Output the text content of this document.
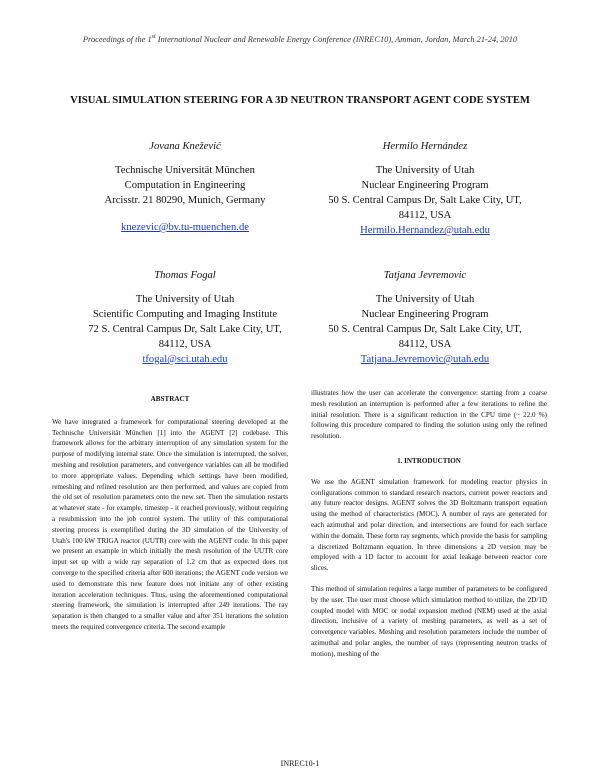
Proceedings of the 1st International Nuclear and Renewable Energy Conference (INREC10), Amman, Jordan, March 21-24, 2010
VISUAL SIMULATION STEERING FOR A 3D NEUTRON TRANSPORT AGENT CODE SYSTEM
Jovana Knežević
Technische Universität München
Computation in Engineering
Arcisstr. 21 80290, Munich, Germany
knezevic@bv.tu-muenchen.de
Hermilo Hernández
The University of Utah
Nuclear Engineering Program
50 S. Central Campus Dr, Salt Lake City, UT,
84112, USA
Hermilo.Hernandez@utah.edu
Thomas Fogal
The University of Utah
Scientific Computing and Imaging Institute
72 S. Central Campus Dr, Salt Lake City, UT,
84112, USA
tfogal@sci.utah.edu
Tatjana Jevremovic
The University of Utah
Nuclear Engineering Program
50 S. Central Campus Dr, Salt Lake City, UT,
84112, USA
Tatjana.Jevremovic@utah.edu
ABSTRACT

We have integrated a framework for computational steering developed at the Technische Universität München [1] into the AGENT [2] codebase. This framework allows for the arbitrary interruption of any simulation system for the purpose of modifying internal state. Once the simulation is interrupted, the solver, meshing and resolution parameters, and convergence variables can all be modified to more appropriate values. Depending which settings have been modified, remeshing and refined resolution are then performed, and values are copied from the old set of resolution parameters onto the new set. Then the simulation restarts at whatever state - for example, timestep - it reached previously, without requiring a resubmission into the job control system. The utility of this computational steering process is exemplified during the 3D simulation of the University of Utah's 100 kW TRIGA reactor (UUTR) core with the AGENT code. In this paper we present an example in which initially the mesh resolution of the UUTR core input set up with a wide ray separation of 1.2 cm that as expected does not converge to the specified criteria after 600 iterations; the AGENT code version we used to demonstrate this new feature does not initiate any of other existing iteration acceleration techniques. Thus, using the aforementioned computational steering framework, the simulation is interrupted after 249 iterations. The ray separation is then changed to a smaller value and after 351 iterations the solution meets the required convergence criteria. The second example

illustrates how the user can accelerate the convergence: starting from a coarse mesh resolution an interruption is performed after a few iterations to refine the initial resolution. There is a significant reduction in the CPU time (~ 22.0 %) following this procedure compared to finding the solution using only the refined resolution.

1. INTRODUCTION

We use the AGENT simulation framework for modeling reactor physics in configurations common to standard research reactors, current power reactors and any future reactor designs. AGENT solves the 3D Boltzmann transport equation using the method of characteristics (MOC). A number of rays are generated for each azimuthal and polar direction, and intersections are found for each surface within the domain. These form ray segments, which provide the basis for sampling a discretized Boltzmann equation. In three dimensions a 2D version may be employed with a 1D factor to account for axial leakage between reactor core slices.

This method of simulation requires a large number of parameters to be configured by the user. The user must choose which simulation method to utilize, the 2D/1D coupled model with MOC or nodal expansion method (NEM) used at the axial direction, inclusive of a variety of meshing parameters, as well as a set of convergence variables. Meshing and resolution parameters include the number of azimuthal and polar angles, the number of rays (representing neutron tracks of motion), meshing of the

INREC10-1
